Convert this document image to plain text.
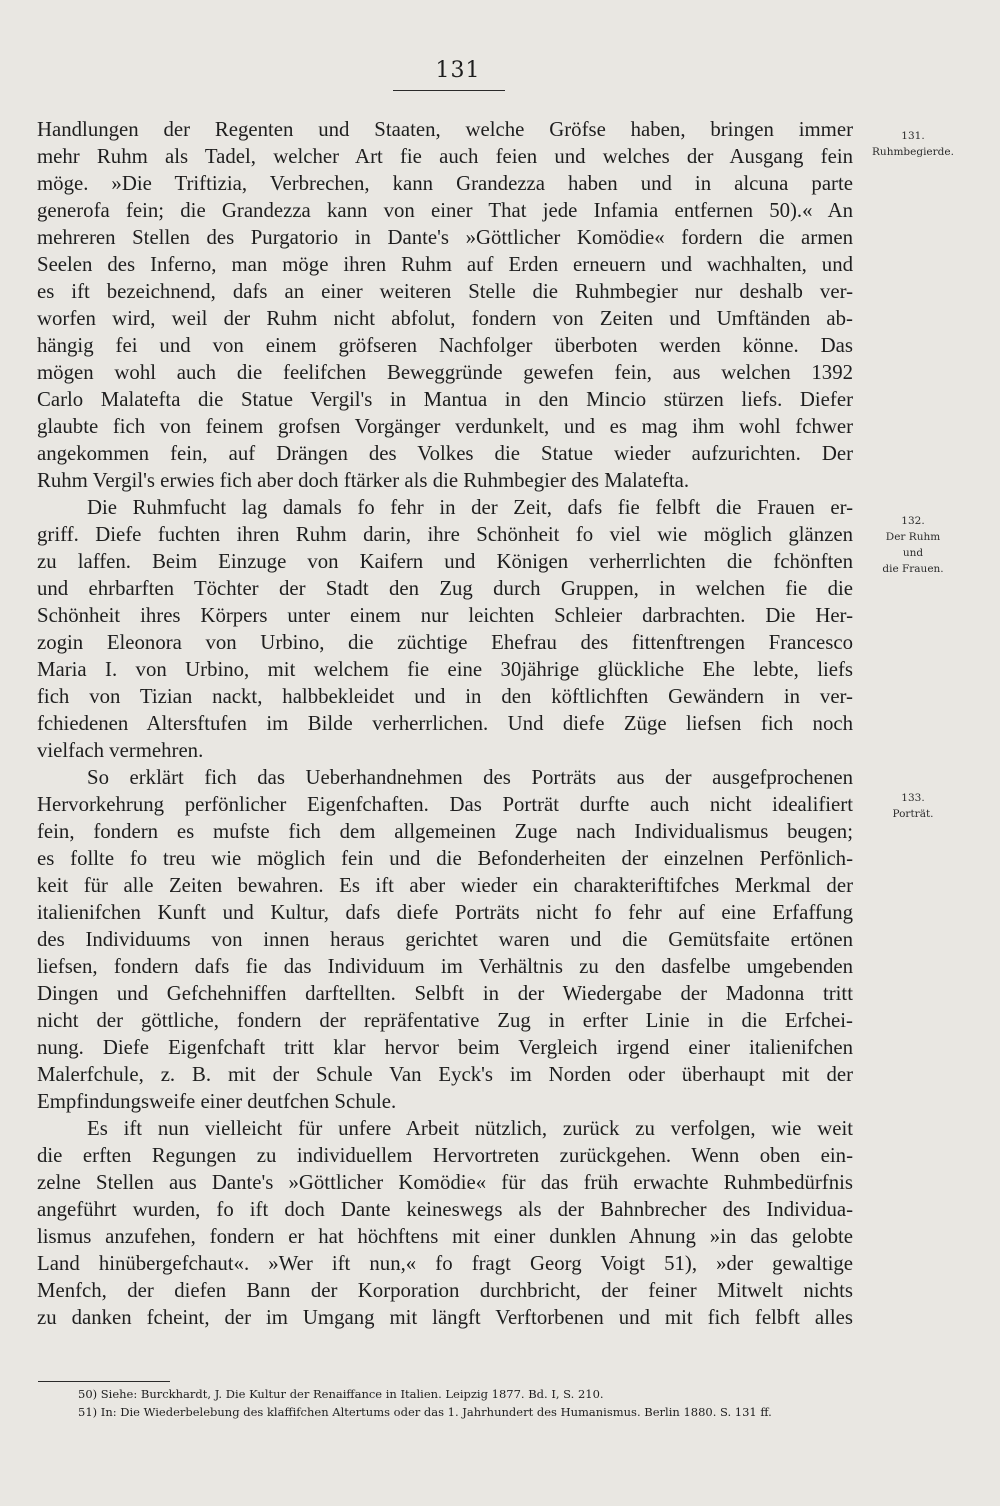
131
Handlungen der Regenten und Staaten, welche Gröfse haben, bringen immer
mehr Ruhm als Tadel, welcher Art fie auch feien und welches der Ausgang fein
möge. »Die Triftizia, Verbrechen, kann Grandezza haben und in alcuna parte
generofa fein; die Grandezza kann von einer That jede Infamia entfernen 50).« An
mehreren Stellen des Purgatorio in Dante's »Göttlicher Komödie« fordern die armen
Seelen des Inferno, man möge ihren Ruhm auf Erden erneuern und wachhalten, und
es ift bezeichnend, dafs an einer weiteren Stelle die Ruhmbegier nur deshalb ver-
worfen wird, weil der Ruhm nicht abfolut, fondern von Zeiten und Umftänden ab-
hängig fei und von einem gröfseren Nachfolger überboten werden könne. Das
mögen wohl auch die feelifchen Beweggründe gewefen fein, aus welchen 1392
Carlo Malatefta die Statue Vergil's in Mantua in den Mincio stürzen liefs. Diefer
glaubte fich von feinem grofsen Vorgänger verdunkelt, und es mag ihm wohl fchwer
angekommen fein, auf Drängen des Volkes die Statue wieder aufzurichten. Der
Ruhm Vergil's erwies fich aber doch ftärker als die Ruhmbegier des Malatefta.
Die Ruhmfucht lag damals fo fehr in der Zeit, dafs fie felbft die Frauen er-
griff. Diefe fuchten ihren Ruhm darin, ihre Schönheit fo viel wie möglich glänzen
zu laffen. Beim Einzuge von Kaifern und Königen verherrlichten die fchönften
und ehrbarften Töchter der Stadt den Zug durch Gruppen, in welchen fie die
Schönheit ihres Körpers unter einem nur leichten Schleier darbrachten. Die Her-
zogin Eleonora von Urbino, die züchtige Ehefrau des fittenftrengen Francesco
Maria I. von Urbino, mit welchem fie eine 30jährige glückliche Ehe lebte, liefs
fich von Tizian nackt, halbbekleidet und in den köftlichften Gewändern in ver-
fchiedenen Altersftufen im Bilde verherrlichen. Und diefe Züge liefsen fich noch
vielfach vermehren.
So erklärt fich das Ueberhandnehmen des Porträts aus der ausgefprochenen
Hervorkehrung perfönlicher Eigenfchaften. Das Porträt durfte auch nicht idealifiert
fein, fondern es mufste fich dem allgemeinen Zuge nach Individualismus beugen;
es follte fo treu wie möglich fein und die Befonderheiten der einzelnen Perfönlich-
keit für alle Zeiten bewahren. Es ift aber wieder ein charakteriftifches Merkmal der
italienifchen Kunft und Kultur, dafs diefe Porträts nicht fo fehr auf eine Erfaffung
des Individuums von innen heraus gerichtet waren und die Gemütsfaite ertönen
liefsen, fondern dafs fie das Individuum im Verhältnis zu den dasfelbe umgebenden
Dingen und Gefchehniffen darftellten. Selbft in der Wiedergabe der Madonna tritt
nicht der göttliche, fondern der repräfentative Zug in erfter Linie in die Erfchei-
nung. Diefe Eigenfchaft tritt klar hervor beim Vergleich irgend einer italienifchen
Malerfchule, z. B. mit der Schule Van Eyck's im Norden oder überhaupt mit der
Empfindungsweife einer deutfchen Schule.
Es ift nun vielleicht für unfere Arbeit nützlich, zurück zu verfolgen, wie weit
die erften Regungen zu individuellem Hervortreten zurückgehen. Wenn oben ein-
zelne Stellen aus Dante's »Göttlicher Komödie« für das früh erwachte Ruhmbedürfnis
angeführt wurden, fo ift doch Dante keineswegs als der Bahnbrecher des Individua-
lismus anzufehen, fondern er hat höchftens mit einer dunklen Ahnung »in das gelobte
Land hinübergefchaut«. »Wer ift nun,« fo fragt Georg Voigt 51), »der gewaltige
Menfch, der diefen Bann der Korporation durchbricht, der feiner Mitwelt nichts
zu danken fcheint, der im Umgang mit längft Verftorbenen und mit fich felbft alles
131.
Ruhmbegierde.
132.
Der Ruhm
und
die Frauen.
133.
Porträt.
50) Siehe: Burckhardt, J. Die Kultur der Renaiffance in Italien. Leipzig 1877. Bd. I, S. 210.
51) In: Die Wiederbelebung des klaffifchen Altertums oder das 1. Jahrhundert des Humanismus. Berlin 1880. S. 131 ff.
